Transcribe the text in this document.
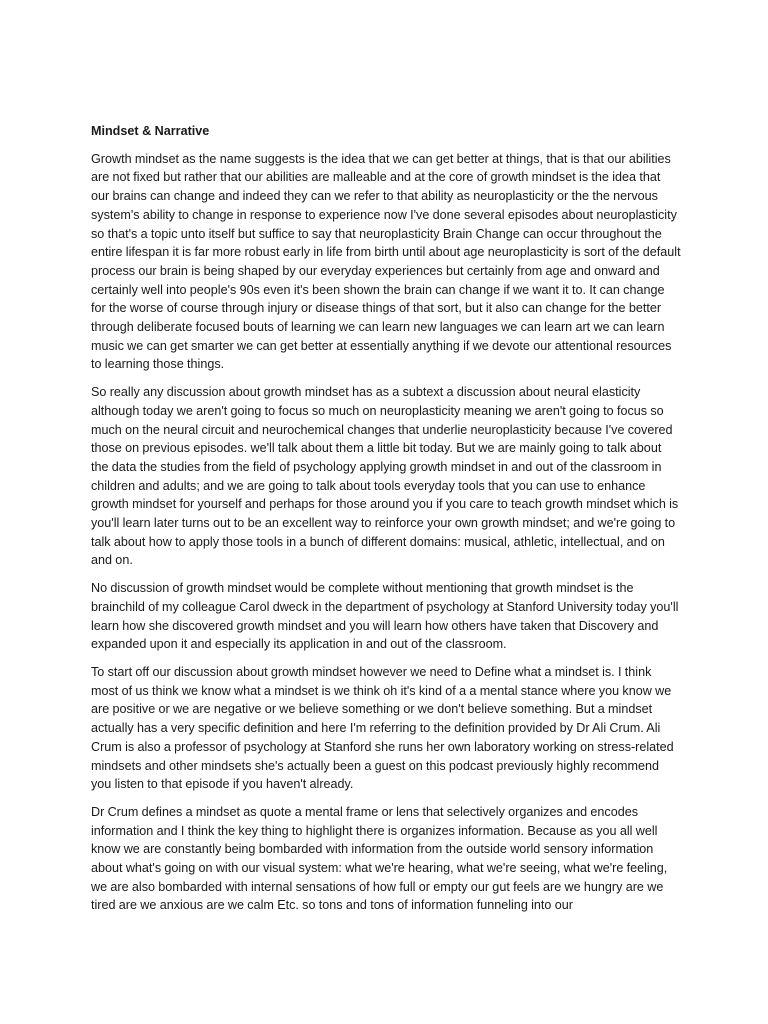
Mindset & Narrative

Growth mindset as the name suggests is the idea that we can get better at things, that is that our abilities are not fixed but rather that our abilities are malleable and at the core of growth mindset is the idea that our brains can change and indeed they can we refer to that ability as neuroplasticity or the the nervous system's ability to change in response to experience now I've done several episodes about neuroplasticity so that's a topic unto itself but suffice to say that neuroplasticity Brain Change can occur throughout the entire lifespan it is far more robust early in life from birth until about age neuroplasticity is sort of the default process our brain is being shaped by our everyday experiences but certainly from age and onward and certainly well into people's 90s even it's been shown the brain can change if we want it to. It can change for the worse of course through injury or disease things of that sort, but it also can change for the better through deliberate focused bouts of learning we can learn new languages we can learn art we can learn music we can get smarter we can get better at essentially anything if we devote our attentional resources to learning those things.

So really any discussion about growth mindset has as a subtext a discussion about neural elasticity although today we aren't going to focus so much on neuroplasticity meaning we aren't going to focus so much on the neural circuit and neurochemical changes that underlie neuroplasticity because I've covered those on previous episodes. we'll talk about them a little bit today. But we are mainly going to talk about the data the studies from the field of psychology applying growth mindset in and out of the classroom in children and adults; and we are going to talk about tools everyday tools that you can use to enhance growth mindset for yourself and perhaps for those around you if you care to teach growth mindset which is you'll learn later turns out to be an excellent way to reinforce your own growth mindset; and we're going to talk about how to apply those tools in a bunch of different domains: musical, athletic, intellectual, and on and on.

No discussion of growth mindset would be complete without mentioning that growth mindset is the brainchild of my colleague Carol dweck in the department of psychology at Stanford University today you'll learn how she discovered growth mindset and you will learn how others have taken that Discovery and expanded upon it and especially its application in and out of the classroom.

To start off our discussion about growth mindset however we need to Define what a mindset is. I think most of us think we know what a mindset is we think oh it's kind of a a mental stance where you know we are positive or we are negative or we believe something or we don't believe something. But a mindset actually has a very specific definition and here I'm referring to the definition provided by Dr Ali Crum. Ali Crum is also a professor of psychology at Stanford she runs her own laboratory working on stress-related mindsets and other mindsets she's actually been a guest on this podcast previously highly recommend you listen to that episode if you haven't already.

Dr Crum defines a mindset as quote a mental frame or lens that selectively organizes and encodes information and I think the key thing to highlight there is organizes information. Because as you all well know we are constantly being bombarded with information from the outside world sensory information about what's going on with our visual system: what we're hearing, what we're seeing, what we're feeling, we are also bombarded with internal sensations of how full or empty our gut feels are we hungry are we tired are we anxious are we calm Etc. so tons and tons of information funneling into our
